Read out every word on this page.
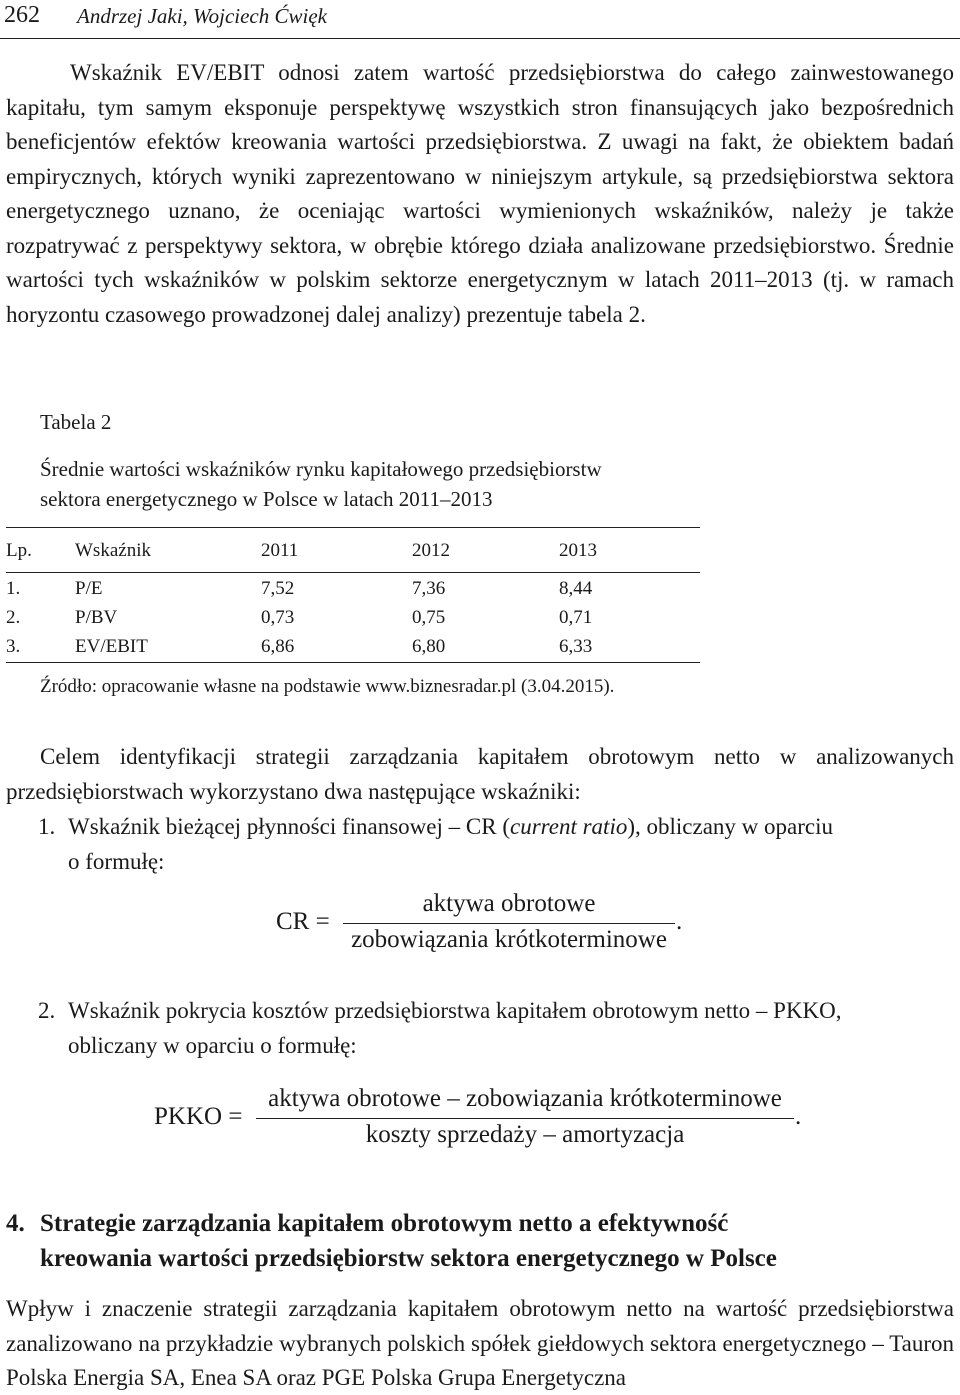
262 Andrzej Jaki, Wojciech Ćwięk

Wskaźnik EV/EBIT odnosi zatem wartość przedsiębiorstwa do całego zainwestowanego kapitału, tym samym eksponuje perspektywę wszystkich stron finansujących jako bezpośrednich beneficjentów efektów kreowania wartości przedsiębiorstwa. Z uwagi na fakt, że obiektem badań empirycznych, których wyniki zaprezentowano w niniejszym artykule, są przedsiębiorstwa sektora energetycznego uznano, że oceniając wartości wymienionych wskaźników, należy je także rozpatrywać z perspektywy sektora, w obrębie którego działa analizowane przedsiębiorstwo. Średnie wartości tych wskaźników w polskim sektorze energetycznym w latach 2011–2013 (tj. w ramach horyzontu czasowego prowadzonej dalej analizy) prezentuje tabela 2.

Tabela 2
Średnie wartości wskaźników rynku kapitałowego przedsiębiorstw
sektora energetycznego w Polsce w latach 2011–2013
Lp. Wskaźnik	2011	2012	2013
1.	P/E	7,52	7,36	8,44
2.	P/BV	0,73	0,75	0,71
3.	EV/EBIT	6,86	6,80	6,33
Źródło: opracowanie własne na podstawie www.biznesradar.pl (3.04.2015).

Celem identyfikacji strategii zarządzania kapitałem obrotowym netto w analizowanych przedsiębiorstwach wykorzystano dwa następujące wskaźniki:

1. Wskaźnik bieżącej płynności finansowej – CR (current ratio), obliczany w oparciu
o formułę:
CR =
aktywa obrotowe
zobowiązania krótkoterminowe
.
2. Wskaźnik pokrycia kosztów przedsiębiorstwa kapitałem obrotowym netto – PKKO,
obliczany w oparciu o formułę:
PKKO =
aktywa obrotowe – zobowiązania krótkoterminowe
koszty sprzedaży – amortyzacja
.
4. Strategie zarządzania kapitałem obrotowym netto a efektywność
kreowania wartości przedsiębiorstw sektora energetycznego w Polsce

Wpływ i znaczenie strategii zarządzania kapitałem obrotowym netto na wartość przedsiębiorstwa zanalizowano na przykładzie wybranych polskich spółek giełdowych sektora energetycznego – Tauron Polska Energia SA, Enea SA oraz PGE Polska Grupa Energetyczna
